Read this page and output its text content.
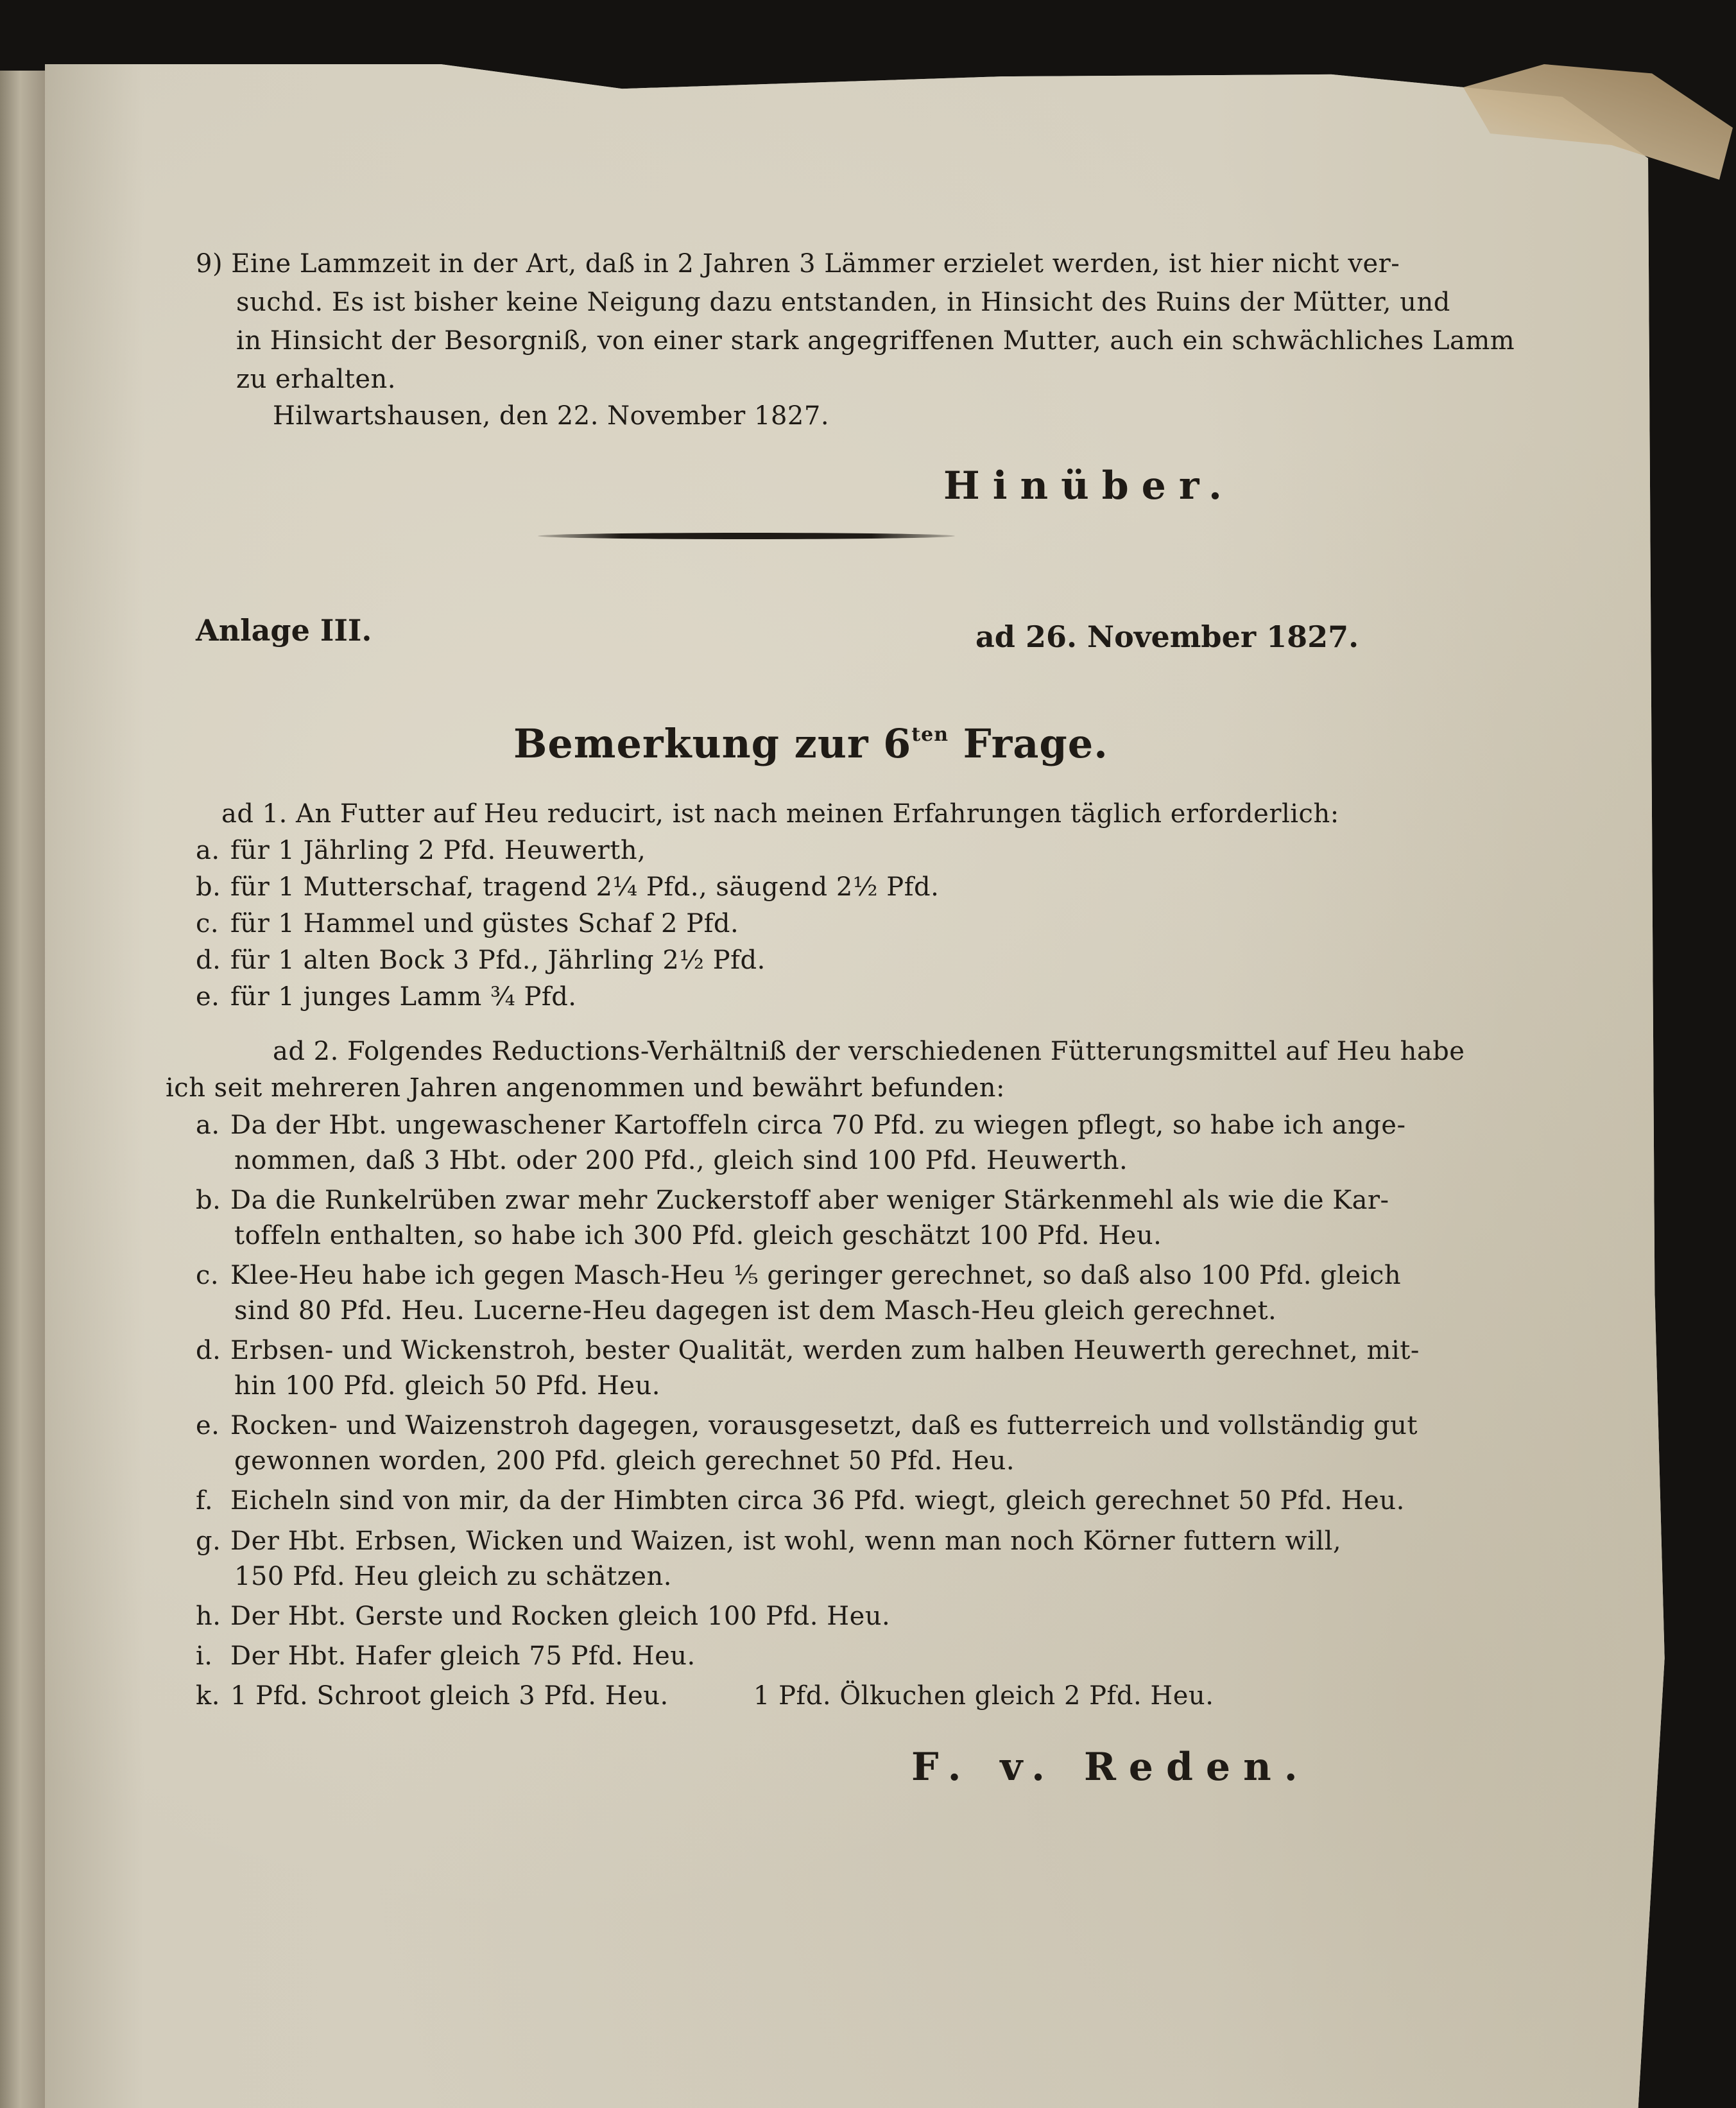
9) Eine Lammzeit in der Art, daß in 2 Jahren 3 Lämmer erzielet werden, ist hier nicht ver-
suchd. Es ist bisher keine Neigung dazu entstanden, in Hinsicht des Ruins der Mütter, und
in Hinsicht der Besorgniß, von einer stark angegriffenen Mutter, auch ein schwächliches Lamm
zu erhalten.
Hilwartshausen, den 22. November 1827.
Hinüber.
Anlage III.	ad 26. November 1827.
Bemerkung zur $6^{ten}$ Frage.
ad 1. An Futter auf Heu reducirt, ist nach meinen Erfahrungen täglich erforderlich:
a. für 1 Jährling 2 Pfd. Heuwerth,
b. für 1 Mutterschaf, tragend 2¼ Pfd., säugend 2½ Pfd.
c. für 1 Hammel und güstes Schaf 2 Pfd.
d. für 1 alten Bock 3 Pfd., Jährling 2½ Pfd.
e. für 1 junges Lamm ¾ Pfd.
ad 2. Folgendes Reductions-Verhältniß der verschiedenen Fütterungsmittel auf Heu habe
ich seit mehreren Jahren angenommen und bewährt befunden:
a. Da der Hbt. ungewaschener Kartoffeln circa 70 Pfd. zu wiegen pflegt, so habe ich ange-
nommen, daß 3 Hbt. oder 200 Pfd., gleich sind 100 Pfd. Heuwerth.
b. Da die Runkelrüben zwar mehr Zuckerstoff aber weniger Stärkenmehl als wie die Kar-
toffeln enthalten, so habe ich 300 Pfd. gleich geschätzt 100 Pfd. Heu.
c. Klee-Heu habe ich gegen Masch-Heu ⅕ geringer gerechnet, so daß also 100 Pfd. gleich
sind 80 Pfd. Heu. Lucerne-Heu dagegen ist dem Masch-Heu gleich gerechnet.
d. Erbsen- und Wickenstroh, bester Qualität, werden zum halben Heuwerth gerechnet, mit-
hin 100 Pfd. gleich 50 Pfd. Heu.
e. Rocken- und Waizenstroh dagegen, vorausgesetzt, daß es futterreich und vollständig gut
gewonnen worden, 200 Pfd. gleich gerechnet 50 Pfd. Heu.
f. Eicheln sind von mir, da der Himbten circa 36 Pfd. wiegt, gleich gerechnet 50 Pfd. Heu.
g. Der Hbt. Erbsen, Wicken und Waizen, ist wohl, wenn man noch Körner futtern will,
150 Pfd. Heu gleich zu schätzen.
h. Der Hbt. Gerste und Rocken gleich 100 Pfd. Heu.
i. Der Hbt. Hafer gleich 75 Pfd. Heu.
k. 1 Pfd. Schroot gleich 3 Pfd. Heu.          1 Pfd. Ölkuchen gleich 2 Pfd. Heu.
F. v. Reden.
